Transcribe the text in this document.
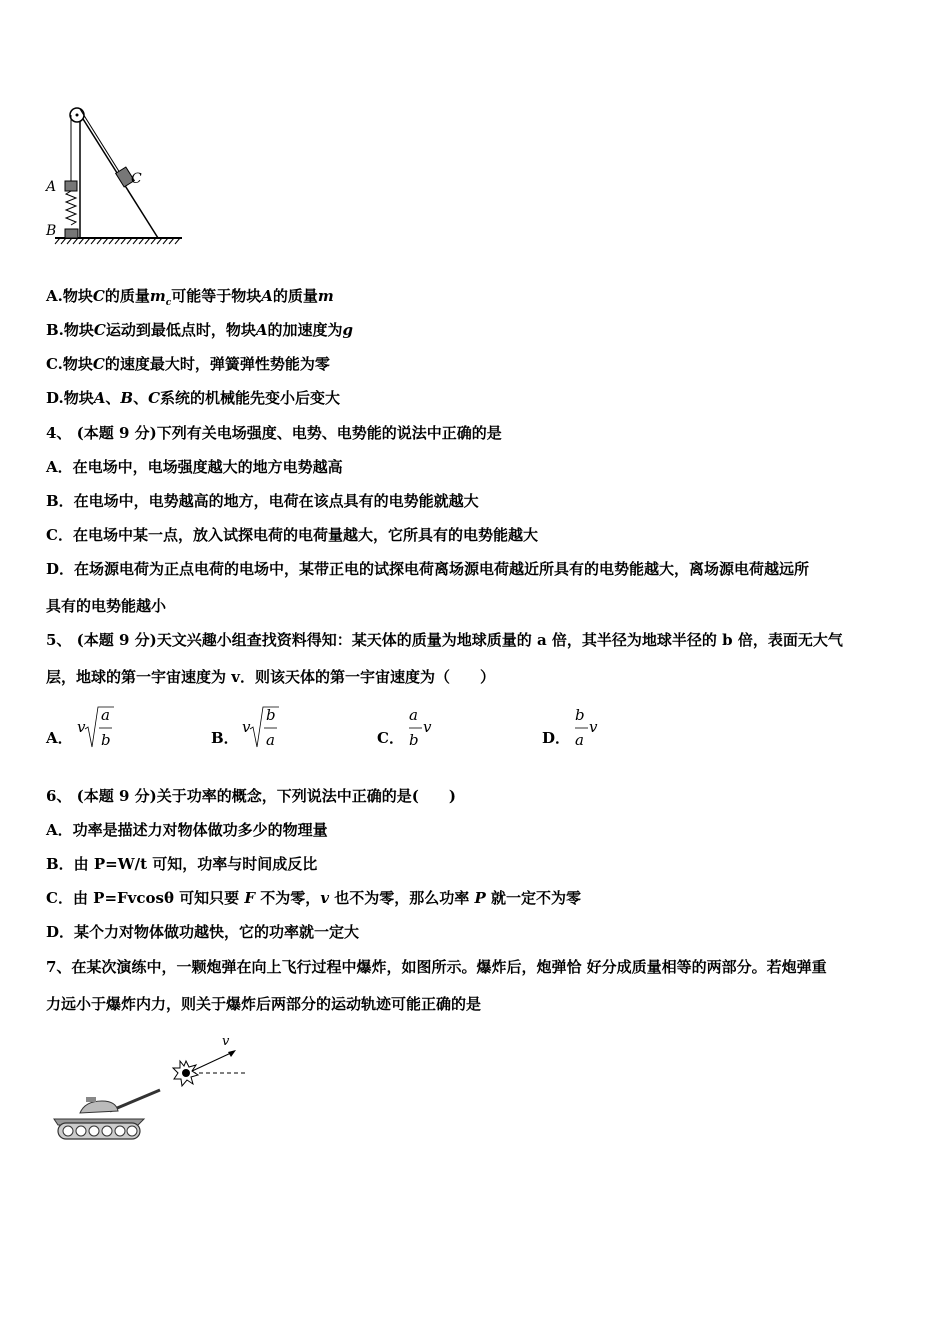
A
B
C
A.物块C的质量$m_c$可能等于物块A的质量m
B.物块C运动到最低点时，物块A的加速度为g
C.物块C的速度最大时，弹簧弹性势能为零
D.物块A、B、C系统的机械能先变小后变大
4、 (本题 9 分)下列有关电场强度、电势、电势能的说法中正确的是
A．在电场中，电场强度越大的地方电势越高
B．在电场中，电势越高的地方，电荷在该点具有的电势能就越大
C．在电场中某一点，放入试探电荷的电荷量越大，它所具有的电势能越大
D．在场源电荷为正点电荷的电场中，某带正电的试探电荷离场源电荷越近所具有的电势能越大，离场源电荷越远所
具有的电势能越小
5、 (本题 9 分)天文兴趣小组查找资料得知：某天体的质量为地球质量的 a 倍，其半径为地球半径的 b 倍，表面无大气
层，地球的第一宇宙速度为 v．则该天体的第一宇宙速度为（　　）
A．
v
a
b	B．
v
b
a	C．
a
b
v
D．
b
a
v
6、 (本题 9 分)关于功率的概念，下列说法中正确的是(　　)
A．功率是描述力对物体做功多少的物理量
B．由 P=W/t 可知，功率与时间成反比
C．由 P=Fvcosθ 可知只要 F 不为零，v 也不为零，那么功率 P 就一定不为零
D．某个力对物体做功越快，它的功率就一定大
7、在某次演练中，一颗炮弹在向上飞行过程中爆炸，如图所示。爆炸后，炮弹恰 好分成质量相等的两部分。若炮弹重
力远小于爆炸内力，则关于爆炸后两部分的运动轨迹可能正确的是
v
